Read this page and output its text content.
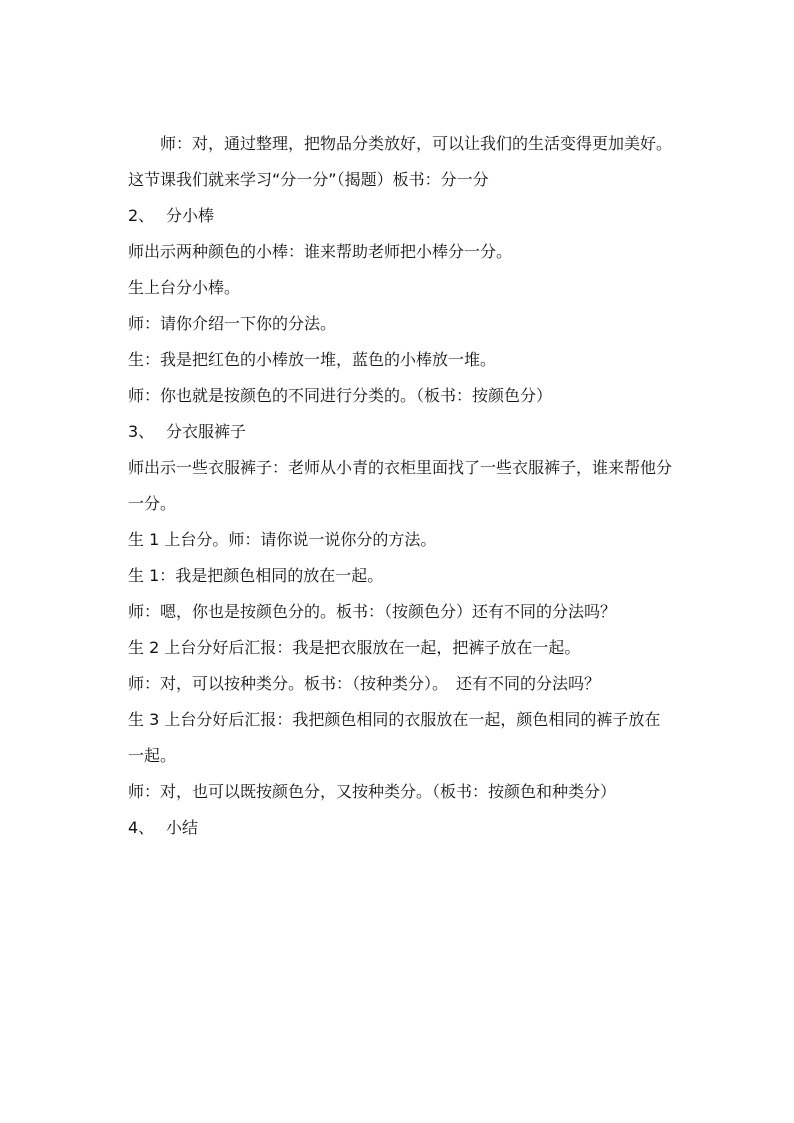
师：对，通过整理，把物品分类放好，可以让我们的生活变得更加美好。这节课我们就来学习“分一分”（揭题）板书：分一分

2、 分小棒

师出示两种颜色的小棒：谁来帮助老师把小棒分一分。

生上台分小棒。

师：请你介绍一下你的分法。

生：我是把红色的小棒放一堆，蓝色的小棒放一堆。

师：你也就是按颜色的不同进行分类的。（板书：按颜色分）

3、 分衣服裤子

师出示一些衣服裤子：老师从小青的衣柜里面找了一些衣服裤子，谁来帮他分一分。

生 1 上台分。师：请你说一说你分的方法。

生 1：我是把颜色相同的放在一起。

师：嗯，你也是按颜色分的。板书：（按颜色分）还有不同的分法吗？

生 2 上台分好后汇报：我是把衣服放在一起，把裤子放在一起。

师：对，可以按种类分。板书：（按种类分）。　还有不同的分法吗？

生 3 上台分好后汇报：我把颜色相同的衣服放在一起，颜色相同的裤子放在一起。

师：对，也可以既按颜色分，又按种类分。（板书：按颜色和种类分）

4、 小结
